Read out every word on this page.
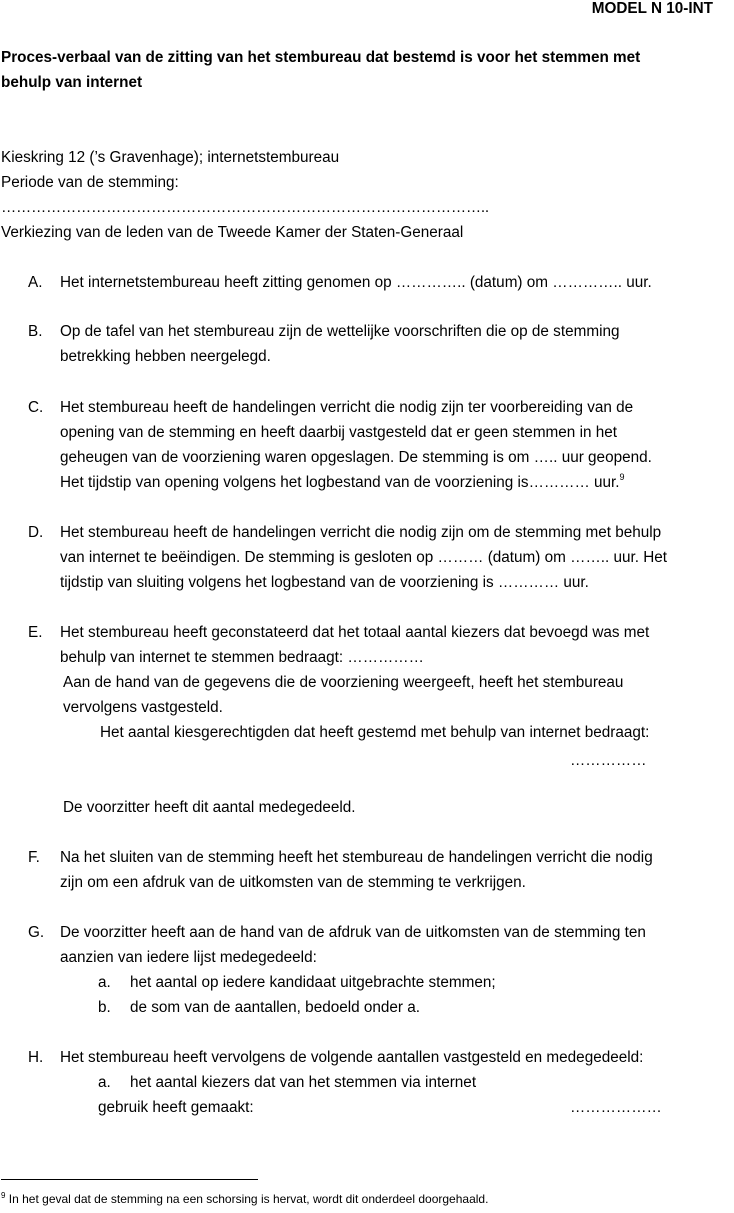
MODEL N 10-INT
Proces-verbaal van de zitting van het stembureau dat bestemd is voor het stemmen met
behulp van internet
Kieskring 12 (’s Gravenhage); internetstembureau
Periode van de stemming:
……………………………………………………………………………………..
Verkiezing van de leden van de Tweede Kamer der Staten-Generaal
A. Het internetstembureau heeft zitting genomen op ………….. (datum) om ………….. uur.
B. Op de tafel van het stembureau zijn de wettelijke voorschriften die op de stemming
betrekking hebben neergelegd.
C. Het stembureau heeft de handelingen verricht die nodig zijn ter voorbereiding van de
opening van de stemming en heeft daarbij vastgesteld dat er geen stemmen in het
geheugen van de voorziening waren opgeslagen. De stemming is om ….. uur geopend.
Het tijdstip van opening volgens het logbestand van de voorziening is………… uur.$^9$
D. Het stembureau heeft de handelingen verricht die nodig zijn om de stemming met behulp
van internet te beëindigen. De stemming is gesloten op ……… (datum) om …….. uur. Het
tijdstip van sluiting volgens het logbestand van de voorziening is ………… uur.
E. Het stembureau heeft geconstateerd dat het totaal aantal kiezers dat bevoegd was met
behulp van internet te stemmen bedraagt: ……………
Aan de hand van de gegevens die de voorziening weergeeft, heeft het stembureau
vervolgens vastgesteld.
Het aantal kiesgerechtigden dat heeft gestemd met behulp van internet bedraagt:
……………
De voorzitter heeft dit aantal medegedeeld.
F. Na het sluiten van de stemming heeft het stembureau de handelingen verricht die nodig
zijn om een afdruk van de uitkomsten van de stemming te verkrijgen.
G. De voorzitter heeft aan de hand van de afdruk van de uitkomsten van de stemming ten
aanzien van iedere lijst medegedeeld:
a. het aantal op iedere kandidaat uitgebrachte stemmen;
b. de som van de aantallen, bedoeld onder a.
H. Het stembureau heeft vervolgens de volgende aantallen vastgesteld en medegedeeld:
a. het aantal kiezers dat van het stemmen via internet
gebruik heeft gemaakt:	………………
$^9$ In het geval dat de stemming na een schorsing is hervat, wordt dit onderdeel doorgehaald.
